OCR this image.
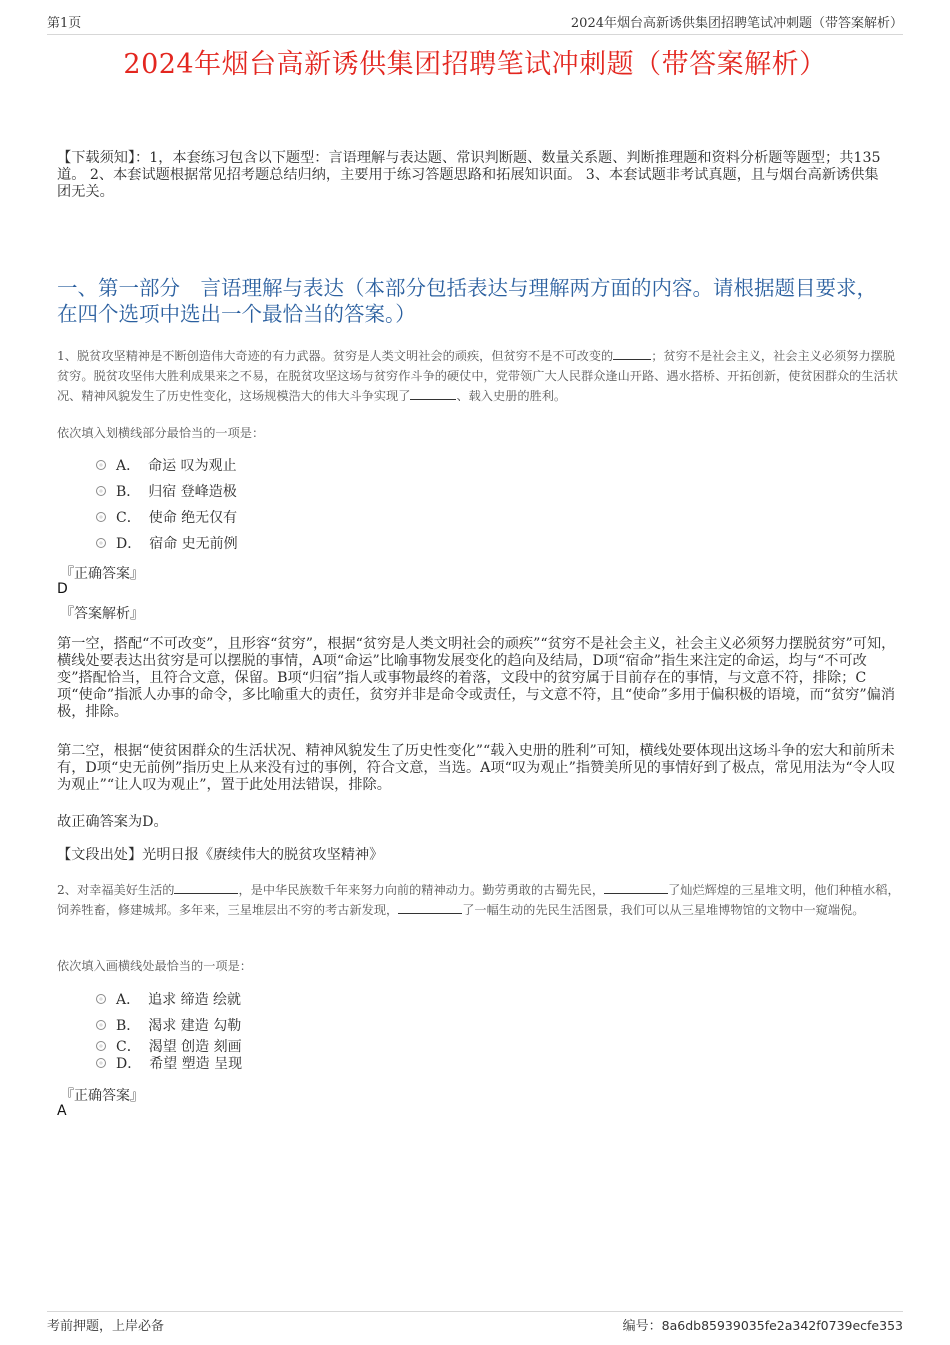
第1页	2024年烟台高新诱供集团招聘笔试冲刺题（带答案解析）
2024年烟台高新诱供集团招聘笔试冲刺题（带答案解析）
【下载须知】：1，本套练习包含以下题型：言语理解与表达题、常识判断题、数量关系题、判断推理题和资料分析题等题型；共135道。 2、本套试题根据常见招考题总结归纳，主要用于练习答题思路和拓展知识面。 3、本套试题非考试真题，且与烟台高新诱供集团无关。
一、第一部分　言语理解与表达（本部分包括表达与理解两方面的内容。请根据题目要求，在四个选项中选出一个最恰当的答案。）
1、脱贫攻坚精神是不断创造伟大奇迹的有力武器。贫穷是人类文明社会的顽疾，但贫穷不是不可改变的	；贫穷不是社会主义，社会主义必须努力摆脱贫穷。脱贫攻坚伟大胜利成果来之不易，在脱贫攻坚这场与贫穷作斗争的硬仗中，党带领广大人民群众逢山开路、遇水搭桥、开拓创新，使贫困群众的生活状况、精神风貌发生了历史性变化，这场规模浩大的伟大斗争实现了	、载入史册的胜利。
依次填入划横线部分最恰当的一项是：
A． 命运 叹为观止
B． 归宿 登峰造极
C． 使命 绝无仅有
D． 宿命 史无前例
『正确答案』
D
『答案解析』
第一空，搭配“不可改变”，且形容“贫穷”，根据“贫穷是人类文明社会的顽疾”“贫穷不是社会主义，社会主义必须努力摆脱贫穷”可知，横线处要表达出贫穷是可以摆脱的事情，A项“命运”比喻事物发展变化的趋向及结局，D项“宿命”指生来注定的命运，均与“不可改变”搭配恰当，且符合文意，保留。B项“归宿”指人或事物最终的着落，文段中的贫穷属于目前存在的事情，与文意不符，排除；C项“使命”指派人办事的命令，多比喻重大的责任，贫穷并非是命令或责任，与文意不符，且“使命”多用于偏积极的语境，而“贫穷”偏消极，排除。
第二空，根据“使贫困群众的生活状况、精神风貌发生了历史性变化”“载入史册的胜利”可知，横线处要体现出这场斗争的宏大和前所未有，D项“史无前例”指历史上从来没有过的事例，符合文意，当选。A项“叹为观止”指赞美所见的事情好到了极点，常见用法为“令人叹为观止”“让人叹为观止”，置于此处用法错误，排除。
故正确答案为D。
【文段出处】光明日报《赓续伟大的脱贫攻坚精神》
2、对幸福美好生活的	，是中华民族数千年来努力向前的精神动力。勤劳勇敢的古蜀先民，	了灿烂辉煌的三星堆文明，他们种植水稻，饲养牲畜，修建城邦。多年来，三星堆层出不穷的考古新发现，	了一幅生动的先民生活图景，我们可以从三星堆博物馆的文物中一窥端倪。
依次填入画横线处最恰当的一项是：
A． 追求 缔造 绘就
B． 渴求 建造 勾勒
C． 渴望 创造 刻画
D． 希望 塑造 呈现
『正确答案』
A
考前押题，上岸必备	编号：8a6db85939035fe2a342f0739ecfe353
